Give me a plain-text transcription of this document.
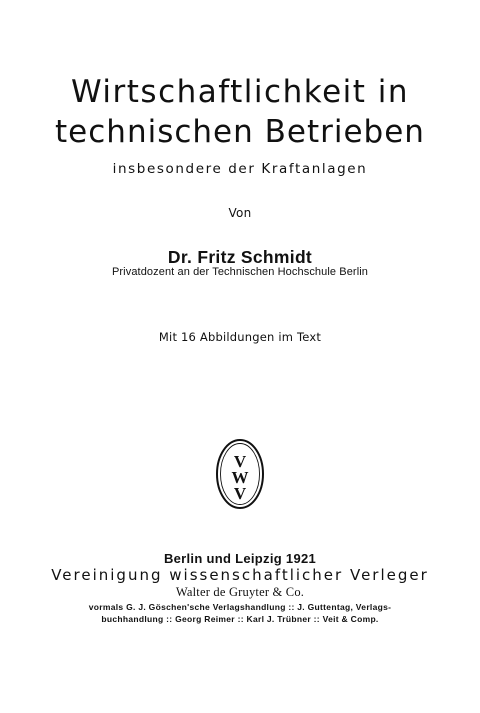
Wirtschaftlichkeit in
technischen Betrieben
insbesondere der Kraftanlagen
Von
Dr. Fritz Schmidt
Privatdozent an der Technischen Hochschule Berlin
Mit 16 Abbildungen im Text
V
W
V
Berlin und Leipzig 1921
Vereinigung wissenschaftlicher Verleger
Walter de Gruyter & Co.
vormals G. J. Göschen'sche Verlagshandlung :: J. Guttentag, Verlags-
buchhandlung :: Georg Reimer :: Karl J. Trübner :: Veit & Comp.
